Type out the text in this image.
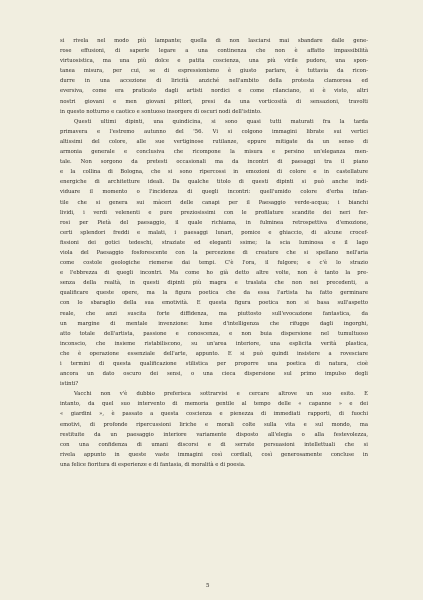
si rivela nel modo più lampante; quella di non lasciarsi mai sbandare dalle gene-
rose effusioni, di saperle legare a una continenza che non è affatto impassibilità
virtuosistica, ma una più dolce e patita coscienza, una più virile pudore, una spon-
tanea misura, per cui, se di espressionismo è giusto parlare, è tuttavia da ricon-
durre in una accezione di liricità anziché nell'ambito della protesta clamorosa ed
eversiva, come era praticato dagli artisti nordici e come rilanciano, si è visto, altri
nostri giovani e men giovani pittori, presi da una vorticosità di sensazioni, travolti
in questo notturno e caotico e sontuoso insorgere di oscuri nodi dell'istinto.
Questi ultimi dipinti, una quindicina, si sono quasi tutti maturati fra la tarda
primavera e l'estremo autunno del '56. Vi si colgono immagini librate sui vertici
altissimi del colore, alle sue vertiginose rutilanze, eppure mitigate da un senso di
armonia generale e conclusiva che ricompone la misura e persino un'eleganza men-
tale. Non sorgono da pretesti occasionali ma da incontri di paesaggi tra il piano
e la collina di Bologna, che si sono ripercossi in emozioni di colore e in castellature
energiche di architetture ideali. Da qualche titolo di questi dipinti si può anche indi-
viduare il momento o l'incidenza di quegli incontri: quell'umido colore d'erba infan-
tile che si genera sui màceri delle canapi per il Paesaggio verde-acqua; i bianchi
lividi, i verdi velenenti e pure preziosissimi con le profilature scandite dei neri fer-
rosi per Pietà del paesaggio, il quale richiama, in fulminea retrospettiva d'emozione,
certi splendori freddi e malati, i paesaggi lunari, pomice e ghiaccio, di alcune crocef-
fissioni dei gotici tedeschi, straziate ed eleganti ssime; la scia luminosa e il lago
viola del Paesaggio fosforescente con la percezione di creature che si spellano nell'aria
come costole geologiche riemerse dai tempi. C'è l'ora, il fulgore; e c'è lo strazio
e l'ebbrezza di quegli incontri. Ma come ho già detto altre volte, non è tanto la pre-
senza della realtà, in questi dipinti più magra e traslata che non nei precedenti, a
qualificare queste opere, ma la figura poetica che da essa l'artista ha fatto germinare
con lo sbaraglio della sua emotività. E questa figura poetica non si basa sull'aspetto
reale, che anzi suscita forte diffidenza, ma piuttosto sull'evocazione fantastica, da
un margine di mentale invenzione: lume d'intelligenza che rifugge dagli ingorghi,
atto totale dell'artista, passione e conoscenza, e non buia dispersione nel tumultuoso
inconscio, che insieme ristabiliscono, su un'area interiore, una esplicita verità plastica,
che è operazione essenziale dell'arte, appunto. E si può quindi insistere a rovesciare
i termini di questa qualificazione stilistica per proporre una poetica di natura, cioè
ancora un dato oscuro dei sensi, o una cieca dispersione sul primo impulso degli
istinti?
Vacchi non v'è dubbio preferisca sottrarvisi e cercare altrove un suo esito. E
intanto, da quel suo intervento di memoria gentile al tempo delle « capanne » e dei
« giardini », è passato a questa coscienza e pienezza di immediati rapporti, di fuochi
emotivi, di profonde ripercussioni liriche e morali colte sulla vita e sul mondo, ma
restituite da un paesaggio interiore variamente disposto all'elegia o alla festevolezza,
con una confidenza di umani discorsi e di serrate persuasioni intellettuali che si
rivela appunto in queste vaste immagini così cordiali, così generosamente concluse in
una felice fioritura di esperienze e di fantasia, di moralità e di poesia.
5
